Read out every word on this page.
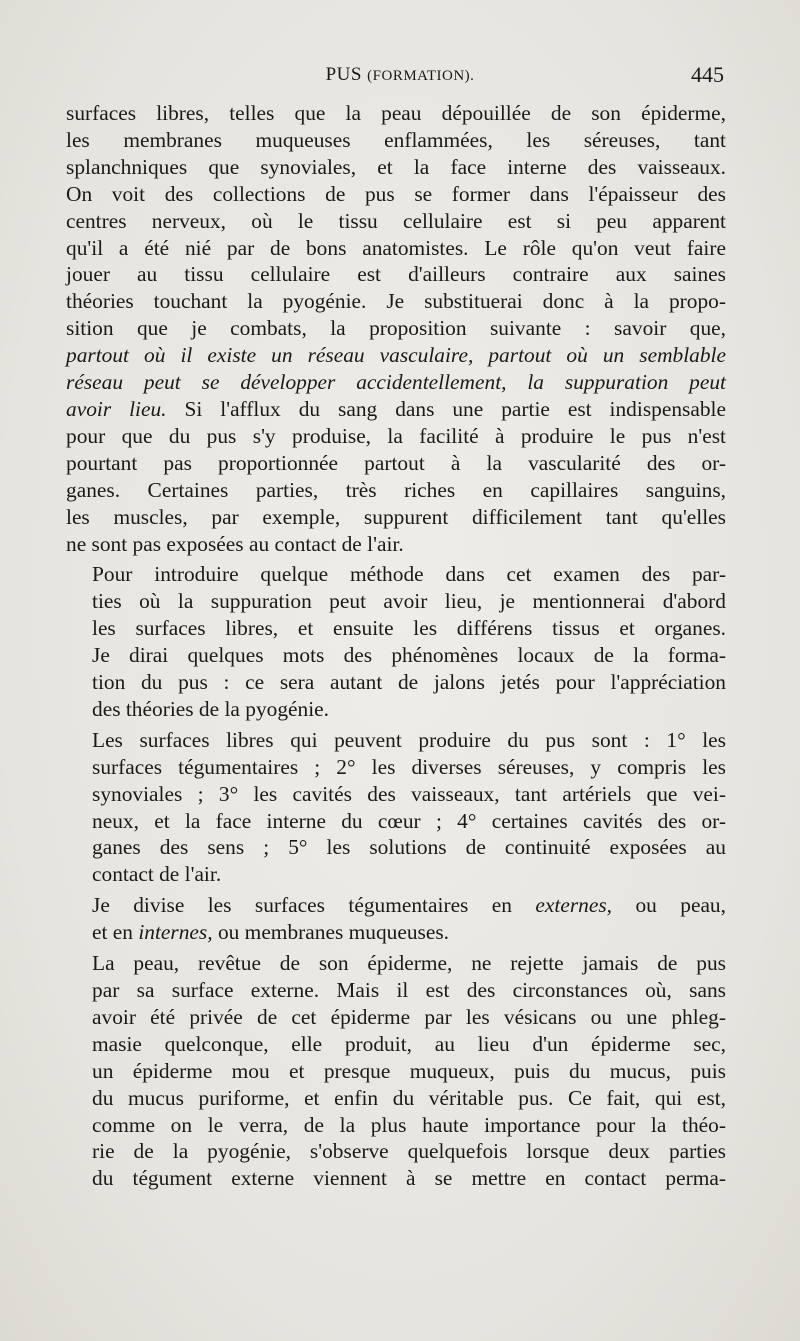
PUS (FORMATION).	445

surfaces libres, telles que la peau dépouillée de son épiderme,
les membranes muqueuses enflammées, les séreuses, tant
splanchniques que synoviales, et la face interne des vaisseaux.
On voit des collections de pus se former dans l'épaisseur des
centres nerveux, où le tissu cellulaire est si peu apparent
qu'il a été nié par de bons anatomistes. Le rôle qu'on veut faire
jouer au tissu cellulaire est d'ailleurs contraire aux saines
théories touchant la pyogénie. Je substituerai donc à la propo-
sition que je combats, la proposition suivante : savoir que,
partout où il existe un réseau vasculaire, partout où un semblable
réseau peut se développer accidentellement, la suppuration peut
avoir lieu. Si l'afflux du sang dans une partie est indispensable
pour que du pus s'y produise, la facilité à produire le pus n'est
pourtant pas proportionnée partout à la vascularité des or-
ganes. Certaines parties, très riches en capillaires sanguins,
les muscles, par exemple, suppurent difficilement tant qu'elles
ne sont pas exposées au contact de l'air.

Pour introduire quelque méthode dans cet examen des par-
ties où la suppuration peut avoir lieu, je mentionnerai d'abord
les surfaces libres, et ensuite les différens tissus et organes.
Je dirai quelques mots des phénomènes locaux de la forma-
tion du pus : ce sera autant de jalons jetés pour l'appréciation
des théories de la pyogénie.

Les surfaces libres qui peuvent produire du pus sont : 1° les
surfaces tégumentaires ; 2° les diverses séreuses, y compris les
synoviales ; 3° les cavités des vaisseaux, tant artériels que vei-
neux, et la face interne du cœur ; 4° certaines cavités des or-
ganes des sens ; 5° les solutions de continuité exposées au
contact de l'air.

Je divise les surfaces tégumentaires en externes, ou peau,
et en internes, ou membranes muqueuses.

La peau, revêtue de son épiderme, ne rejette jamais de pus
par sa surface externe. Mais il est des circonstances où, sans
avoir été privée de cet épiderme par les vésicans ou une phleg-
masie quelconque, elle produit, au lieu d'un épiderme sec,
un épiderme mou et presque muqueux, puis du mucus, puis
du mucus puriforme, et enfin du véritable pus. Ce fait, qui est,
comme on le verra, de la plus haute importance pour la théo-
rie de la pyogénie, s'observe quelquefois lorsque deux parties
du tégument externe viennent à se mettre en contact perma-
